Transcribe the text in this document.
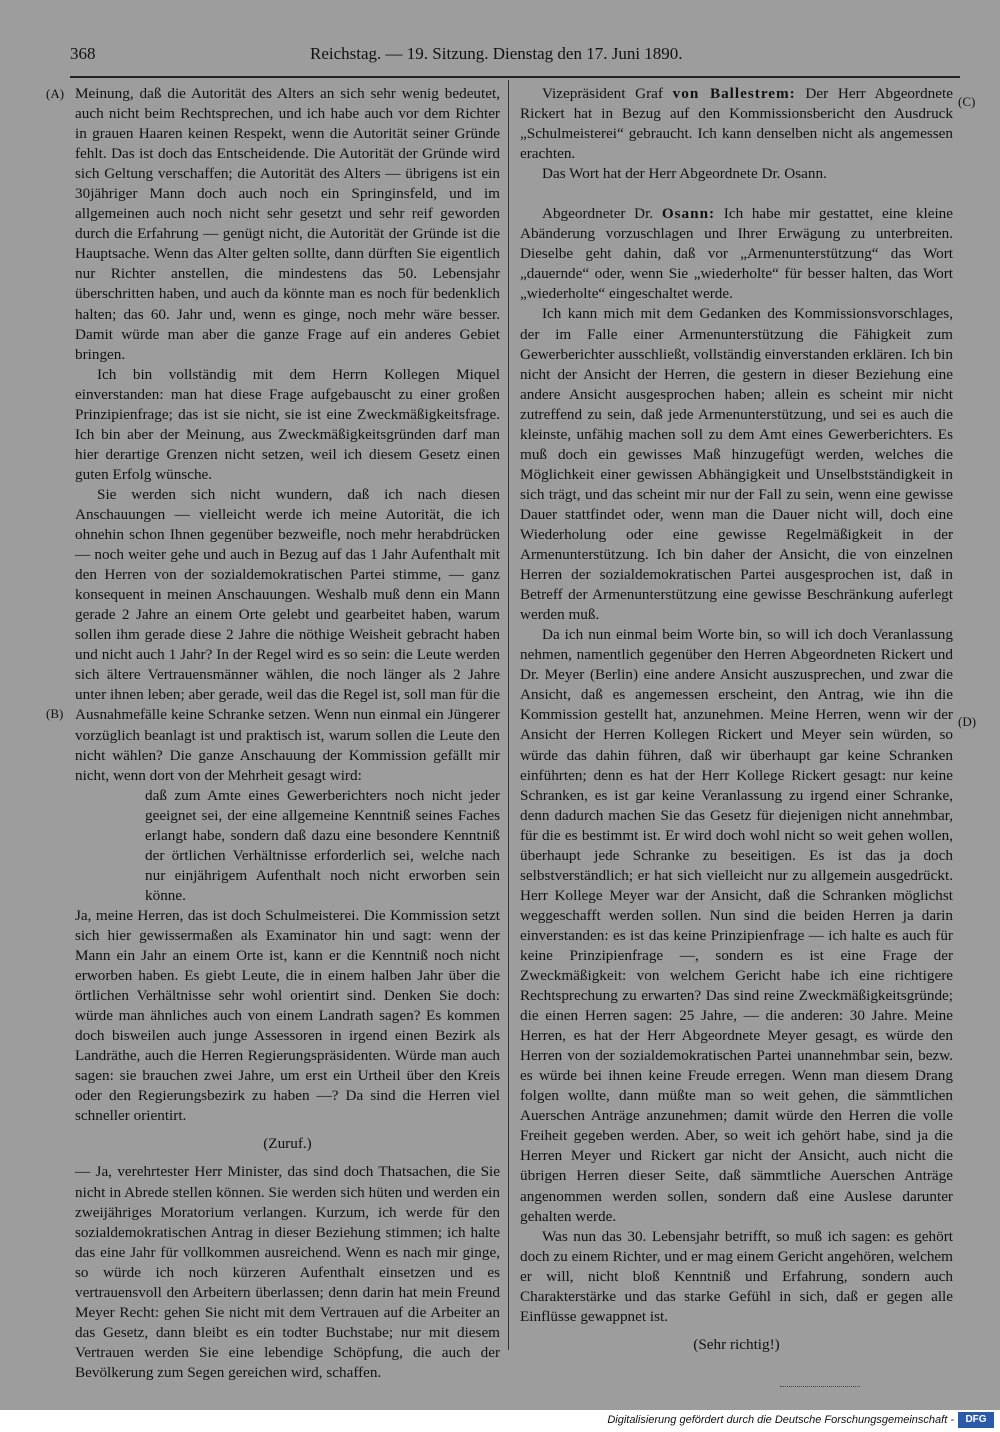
368	Reichstag. — 19. Sitzung. Dienstag den 17. Juni 1890.
(A)
(B)
(C)
(D)

Meinung, daß die Autorität des Alters an sich sehr wenig bedeutet, auch nicht beim Rechtsprechen, und ich habe auch vor dem Richter in grauen Haaren keinen Respekt, wenn die Autorität seiner Gründe fehlt. Das ist doch das Entscheidende. Die Autorität der Gründe wird sich Geltung verschaffen; die Autorität des Alters — übrigens ist ein 30jähriger Mann doch auch noch ein Springinsfeld, und im allgemeinen auch noch nicht sehr gesetzt und sehr reif geworden durch die Erfahrung — genügt nicht, die Autorität der Gründe ist die Hauptsache. Wenn das Alter gelten sollte, dann dürften Sie eigentlich nur Richter anstellen, die mindestens das 50. Lebensjahr überschritten haben, und auch da könnte man es noch für bedenklich halten; das 60. Jahr und, wenn es ginge, noch mehr wäre besser. Damit würde man aber die ganze Frage auf ein anderes Gebiet bringen.

Ich bin vollständig mit dem Herrn Kollegen Miquel einverstanden: man hat diese Frage aufgebauscht zu einer großen Prinzipienfrage; das ist sie nicht, sie ist eine Zweckmäßigkeitsfrage. Ich bin aber der Meinung, aus Zweckmäßigkeitsgründen darf man hier derartige Grenzen nicht setzen, weil ich diesem Gesetz einen guten Erfolg wünsche.

Sie werden sich nicht wundern, daß ich nach diesen Anschauungen — vielleicht werde ich meine Autorität, die ich ohnehin schon Ihnen gegenüber bezweifle, noch mehr herabdrücken — noch weiter gehe und auch in Bezug auf das 1 Jahr Aufenthalt mit den Herren von der sozialdemokratischen Partei stimme, — ganz konsequent in meinen Anschauungen. Weshalb muß denn ein Mann gerade 2 Jahre an einem Orte gelebt und gearbeitet haben, warum sollen ihm gerade diese 2 Jahre die nöthige Weisheit gebracht haben und nicht auch 1 Jahr? In der Regel wird es so sein: die Leute werden sich ältere Vertrauensmänner wählen, die noch länger als 2 Jahre unter ihnen leben; aber gerade, weil das die Regel ist, soll man für die Ausnahmefälle keine Schranke setzen. Wenn nun einmal ein Jüngerer vorzüglich beanlagt ist und praktisch ist, warum sollen die Leute den nicht wählen? Die ganze Anschauung der Kommission gefällt mir nicht, wenn dort von der Mehrheit gesagt wird:

daß zum Amte eines Gewerberichters noch nicht jeder geeignet sei, der eine allgemeine Kenntniß seines Faches erlangt habe, sondern daß dazu eine besondere Kenntniß der örtlichen Verhältnisse erforderlich sei, welche nach nur einjährigem Aufenthalt noch nicht erworben sein könne.

Ja, meine Herren, das ist doch Schulmeisterei. Die Kommission setzt sich hier gewissermaßen als Examinator hin und sagt: wenn der Mann ein Jahr an einem Orte ist, kann er die Kenntniß noch nicht erworben haben. Es giebt Leute, die in einem halben Jahr über die örtlichen Verhältnisse sehr wohl orientirt sind. Denken Sie doch: würde man ähnliches auch von einem Landrath sagen? Es kommen doch bisweilen auch junge Assessoren in irgend einen Bezirk als Landräthe, auch die Herren Regierungspräsidenten. Würde man auch sagen: sie brauchen zwei Jahre, um erst ein Urtheil über den Kreis oder den Regierungsbezirk zu haben —? Da sind die Herren viel schneller orientirt.

(Zuruf.)

— Ja, verehrtester Herr Minister, das sind doch Thatsachen, die Sie nicht in Abrede stellen können. Sie werden sich hüten und werden ein zweijähriges Moratorium verlangen. Kurzum, ich werde für den sozialdemokratischen Antrag in dieser Beziehung stimmen; ich halte das eine Jahr für vollkommen ausreichend. Wenn es nach mir ginge, so würde ich noch kürzeren Aufenthalt einsetzen und es vertrauensvoll den Arbeitern überlassen; denn darin hat mein Freund Meyer Recht: gehen Sie nicht mit dem Vertrauen auf die Arbeiter an das Gesetz, dann bleibt es ein todter Buchstabe; nur mit diesem Vertrauen werden Sie eine lebendige Schöpfung, die auch der Bevölkerung zum Segen gereichen wird, schaffen.

Vizepräsident Graf von Ballestrem: Der Herr Abgeordnete Rickert hat in Bezug auf den Kommissionsbericht den Ausdruck „Schulmeisterei“ gebraucht. Ich kann denselben nicht als angemessen erachten.

Das Wort hat der Herr Abgeordnete Dr. Osann.

Abgeordneter Dr. Osann: Ich habe mir gestattet, eine kleine Abänderung vorzuschlagen und Ihrer Erwägung zu unterbreiten. Dieselbe geht dahin, daß vor „Armenunterstützung“ das Wort „dauernde“ oder, wenn Sie „wiederholte“ für besser halten, das Wort „wiederholte“ eingeschaltet werde.

Ich kann mich mit dem Gedanken des Kommissionsvorschlages, der im Falle einer Armenunterstützung die Fähigkeit zum Gewerberichter ausschließt, vollständig einverstanden erklären. Ich bin nicht der Ansicht der Herren, die gestern in dieser Beziehung eine andere Ansicht ausgesprochen haben; allein es scheint mir nicht zutreffend zu sein, daß jede Armenunterstützung, und sei es auch die kleinste, unfähig machen soll zu dem Amt eines Gewerberichters. Es muß doch ein gewisses Maß hinzugefügt werden, welches die Möglichkeit einer gewissen Abhängigkeit und Unselbstständigkeit in sich trägt, und das scheint mir nur der Fall zu sein, wenn eine gewisse Dauer stattfindet oder, wenn man die Dauer nicht will, doch eine Wiederholung oder eine gewisse Regelmäßigkeit in der Armenunterstützung. Ich bin daher der Ansicht, die von einzelnen Herren der sozialdemokratischen Partei ausgesprochen ist, daß in Betreff der Armenunterstützung eine gewisse Beschränkung auferlegt werden muß.

Da ich nun einmal beim Worte bin, so will ich doch Veranlassung nehmen, namentlich gegenüber den Herren Abgeordneten Rickert und Dr. Meyer (Berlin) eine andere Ansicht auszusprechen, und zwar die Ansicht, daß es angemessen erscheint, den Antrag, wie ihn die Kommission gestellt hat, anzunehmen. Meine Herren, wenn wir der Ansicht der Herren Kollegen Rickert und Meyer sein würden, so würde das dahin führen, daß wir überhaupt gar keine Schranken einführten; denn es hat der Herr Kollege Rickert gesagt: nur keine Schranken, es ist gar keine Veranlassung zu irgend einer Schranke, denn dadurch machen Sie das Gesetz für diejenigen nicht annehmbar, für die es bestimmt ist. Er wird doch wohl nicht so weit gehen wollen, überhaupt jede Schranke zu beseitigen. Es ist das ja doch selbstverständlich; er hat sich vielleicht nur zu allgemein ausgedrückt. Herr Kollege Meyer war der Ansicht, daß die Schranken möglichst weggeschafft werden sollen. Nun sind die beiden Herren ja darin einverstanden: es ist das keine Prinzipienfrage — ich halte es auch für keine Prinzipienfrage —, sondern es ist eine Frage der Zweckmäßigkeit: von welchem Gericht habe ich eine richtigere Rechtsprechung zu erwarten? Das sind reine Zweckmäßigkeitsgründe; die einen Herren sagen: 25 Jahre, — die anderen: 30 Jahre. Meine Herren, es hat der Herr Abgeordnete Meyer gesagt, es würde den Herren von der sozialdemokratischen Partei unannehmbar sein, bezw. es würde bei ihnen keine Freude erregen. Wenn man diesem Drang folgen wollte, dann müßte man so weit gehen, die sämmtlichen Auerschen Anträge anzunehmen; damit würde den Herren die volle Freiheit gegeben werden. Aber, so weit ich gehört habe, sind ja die Herren Meyer und Rickert gar nicht der Ansicht, auch nicht die übrigen Herren dieser Seite, daß sämmtliche Auerschen Anträge angenommen werden sollen, sondern daß eine Auslese darunter gehalten werde.

Was nun das 30. Lebensjahr betrifft, so muß ich sagen: es gehört doch zu einem Richter, und er mag einem Gericht angehören, welchem er will, nicht bloß Kenntniß und Erfahrung, sondern auch Charakterstärke und das starke Gefühl in sich, daß er gegen alle Einflüsse gewappnet ist.

(Sehr richtig!)

Digitalisierung gefördert durch die Deutsche Forschungsgemeinschaft -	DFG
